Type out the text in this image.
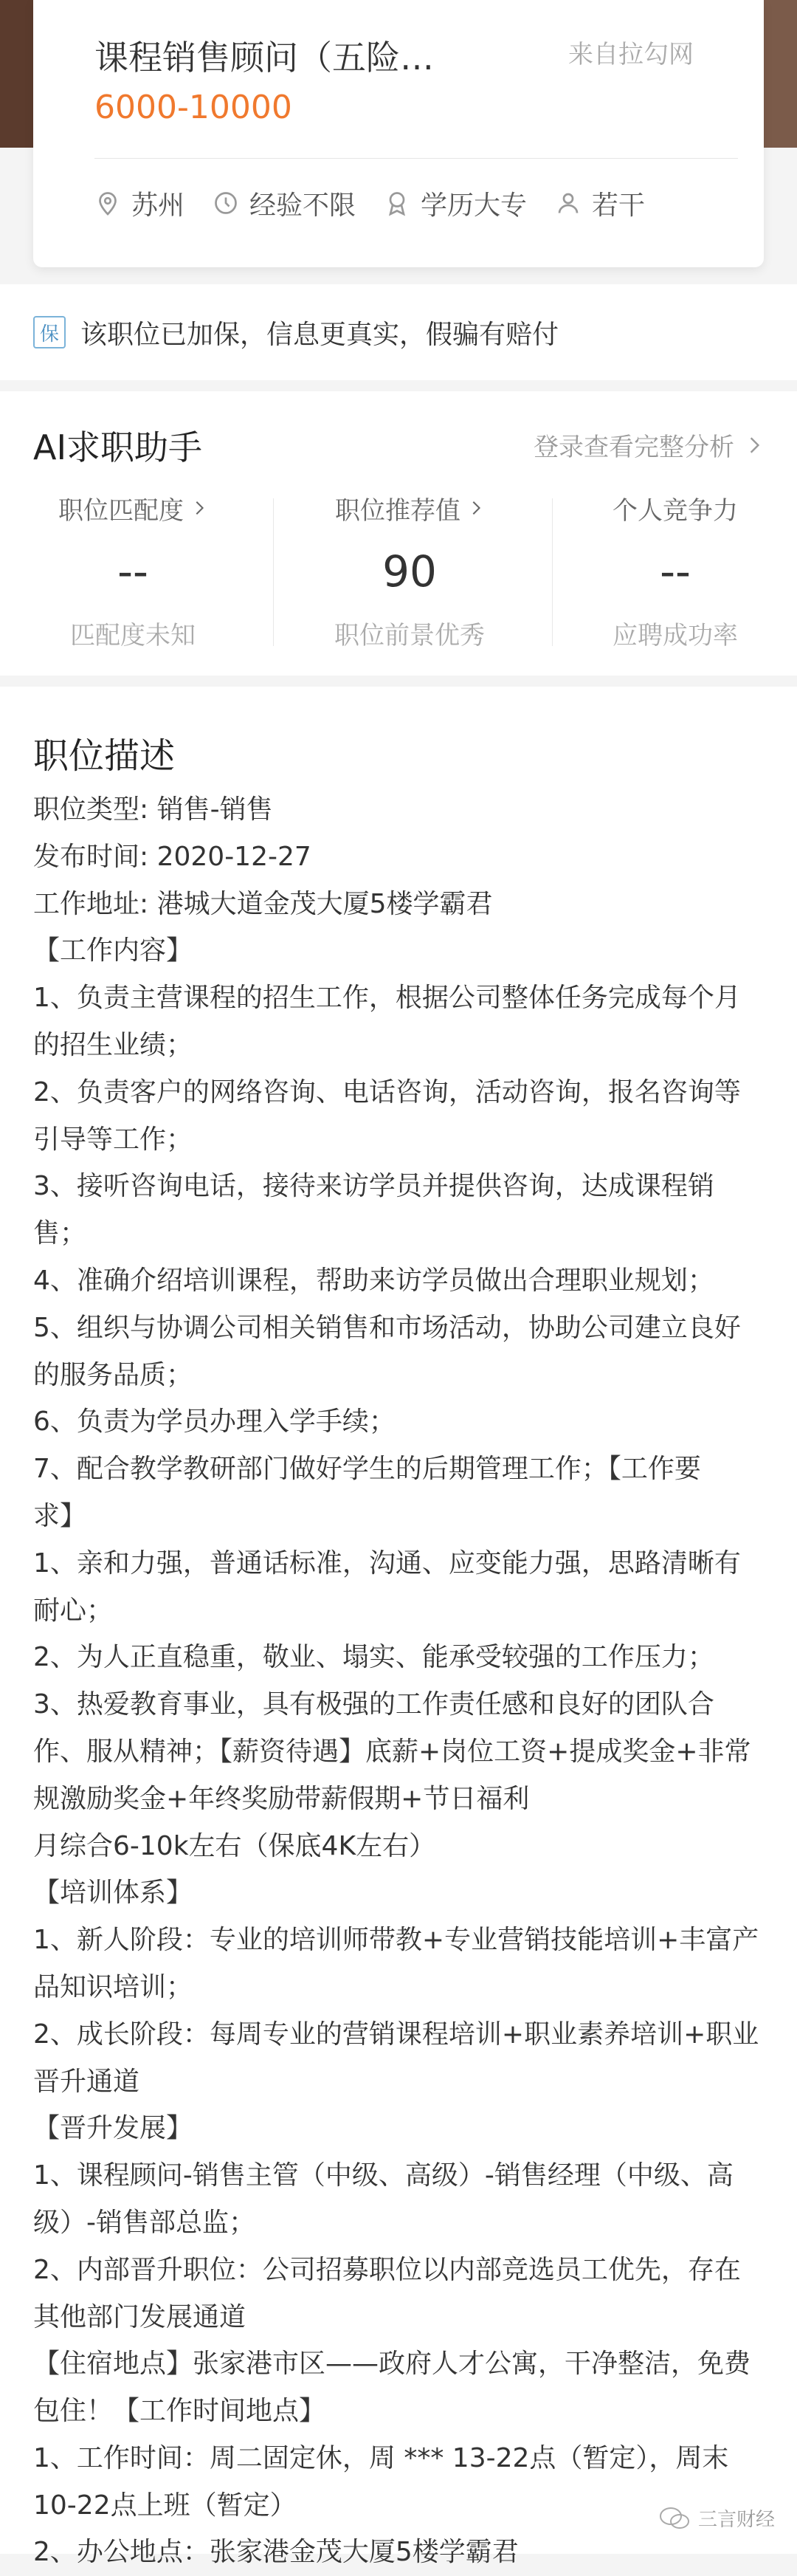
课程销售顾问（五险…	来自拉勾网
6000-10000
苏州 经验不限 学历大专 若干
保 该职位已加保，信息更真实，假骗有赔付
AI求职助手	登录查看完整分析
职位匹配度
--
匹配度未知
职位推荐值
90
职位前景优秀
个人竞争力
--
应聘成功率
职位描述
职位类型: 销售-销售
发布时间: 2020-12-27
工作地址: 港城大道金茂大厦5楼学霸君
【工作内容】
1、负责主营课程的招生工作，根据公司整体任务完成每个月
的招生业绩；
2、负责客户的网络咨询、电话咨询，活动咨询，报名咨询等
引导等工作；
3、接听咨询电话，接待来访学员并提供咨询，达成课程销
售；
4、准确介绍培训课程，帮助来访学员做出合理职业规划；
5、组织与协调公司相关销售和市场活动，协助公司建立良好
的服务品质；
6、负责为学员办理入学手续；
7、配合教学教研部门做好学生的后期管理工作；【工作要
求】
1、亲和力强，普通话标准，沟通、应变能力强，思路清晰有
耐心；
2、为人正直稳重，敬业、塌实、能承受较强的工作压力；
3、热爱教育事业，具有极强的工作责任感和良好的团队合
作、服从精神；【薪资待遇】底薪+岗位工资+提成奖金+非常
规激励奖金+年终奖励带薪假期+节日福利
月综合6-10k左右（保底4K左右）
【培训体系】
1、新人阶段：专业的培训师带教+专业营销技能培训+丰富产
品知识培训；
2、成长阶段：每周专业的营销课程培训+职业素养培训+职业
晋升通道
【晋升发展】
1、课程顾问-销售主管（中级、高级）-销售经理（中级、高
级）-销售部总监；
2、内部晋升职位：公司招募职位以内部竞选员工优先，存在
其他部门发展通道
【住宿地点】张家港市区——政府人才公寓，干净整洁，免费
包住！【工作时间地点】
1、工作时间：周二固定休，周 *** 13-22点（暂定），周末
10-22点上班（暂定）
2、办公地点：张家港金茂大厦5楼学霸君
三言财经
